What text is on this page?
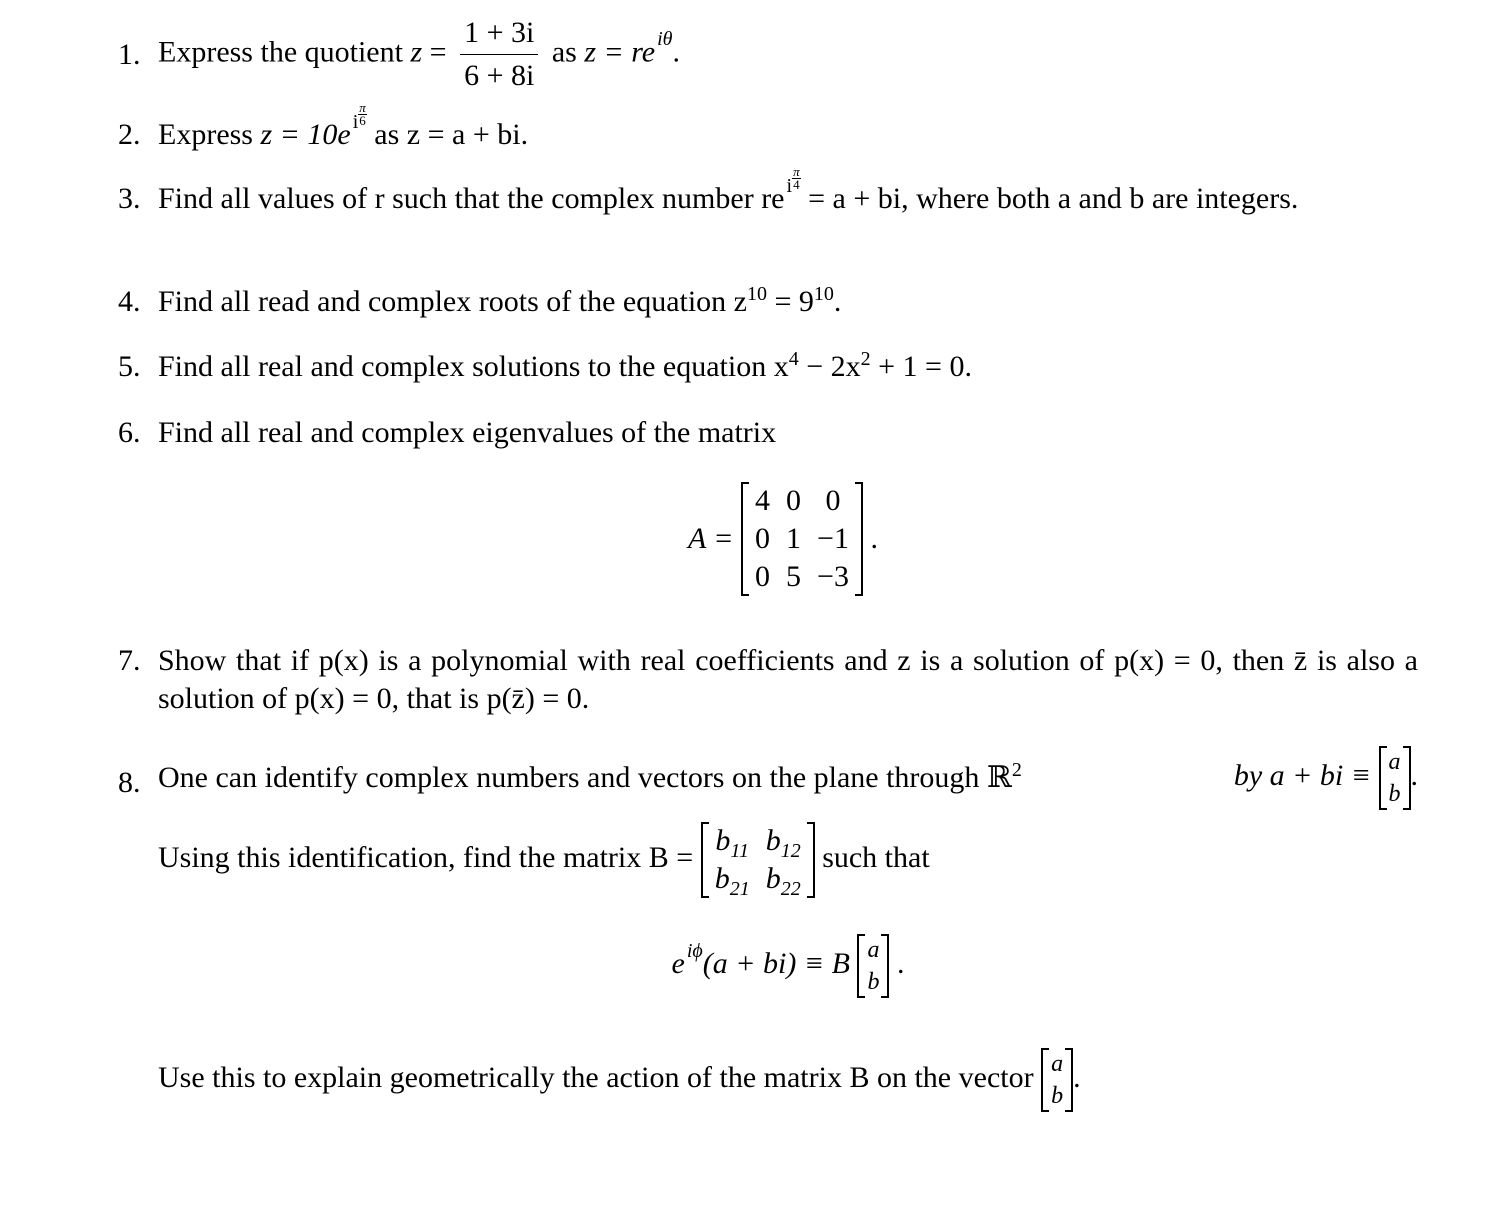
1. Express the quotient $z = \frac{1 + 3i}{6 + 8i}$ as z = re $^{i\theta}$.
2. Express z = 10e $^i \frac{\pi}{6}$
as z = a + bi.
3. Find all values of r such that the complex number re $^i \frac{\pi}{4}$
= a + bi, where both a and b are integers.
4. Find all read and complex roots of the equation $z^{10} = 9^{10}$.
5. Find all real and complex solutions to the equation $x^4 - 2x^2 + 1 = 0$.
6. Find all real and complex eigenvalues of the matrix
A =
4	0	0
0	1	−1
0	5	−3
.
7. Show that if p(x) is a polynomial with real coefficients and z is a solution of p(x) = 0, then z̄ is also a solution of p(x) = 0, that is p(z̄) = 0.
8. One can identify complex numbers and vectors on the plane through ℝ$^2$	by a + bi ≡ a
b
.
Using this identification, find the matrix B =
$b_{11}$	$b_{12}$
$b_{21}$	$b_{22}$
such that
e $^{i\phi}$(a + bi) ≡ B a
b
.
Use this to explain geometrically the action of the matrix B on the vector a
b
.
